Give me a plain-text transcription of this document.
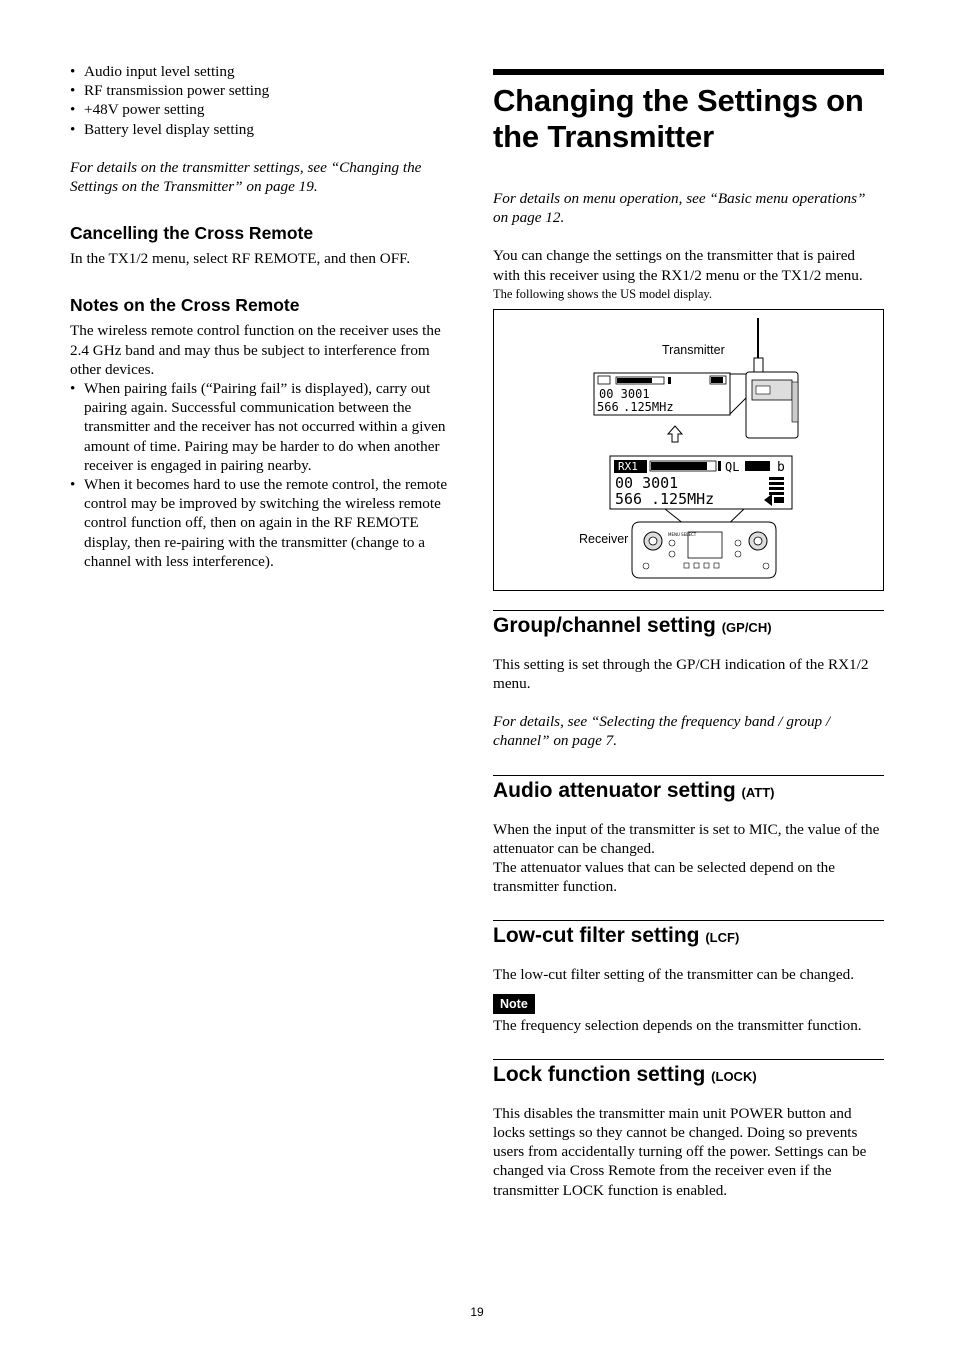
• Audio input level setting
• RF transmission power setting
• +48V power setting
• Battery level display setting

For details on the transmitter settings, see “Changing the Settings on the Transmitter” on page 19.

Cancelling the Cross Remote

In the TX1/2 menu, select RF REMOTE, and then OFF.

Notes on the Cross Remote

The wireless remote control function on the receiver uses the 2.4 GHz band and may thus be subject to interference from other devices.

• When pairing fails (“Pairing fail” is displayed), carry out pairing again. Successful communication between the transmitter and the receiver has not occurred within a given amount of time. Pairing may be harder to do when another receiver is engaged in pairing nearby.
• When it becomes hard to use the remote control, the remote control may be improved by switching the wireless remote control function off, then on again in the RF REMOTE display, then re-pairing with the transmitter (change to a channel with less interference).
Changing the Settings on the Transmitter

For details on menu operation, see “Basic menu operations” on page 12.

You can change the settings on the transmitter that is paired with this receiver using the RX1/2 menu or the TX1/2 menu.

The following shows the US model display.

Transmitter
Receiver
00 3001
566 .125MHz
RX1	QL	b
00 3001
566 .125MHz
MENU SELECT
Group/channel setting (GP/CH)

This setting is set through the GP/CH indication of the RX1/2 menu.

For details, see “Selecting the frequency band / group / channel” on page 7.

Audio attenuator setting (ATT)

When the input of the transmitter is set to MIC, the value of the attenuator can be changed.

The attenuator values that can be selected depend on the transmitter function.

Low-cut filter setting (LCF)

The low-cut filter setting of the transmitter can be changed.

Note

The frequency selection depends on the transmitter function.

Lock function setting (LOCK)

This disables the transmitter main unit POWER button and locks settings so they cannot be changed. Doing so prevents users from accidentally turning off the power. Settings can be changed via Cross Remote from the receiver even if the transmitter LOCK function is enabled.

19
